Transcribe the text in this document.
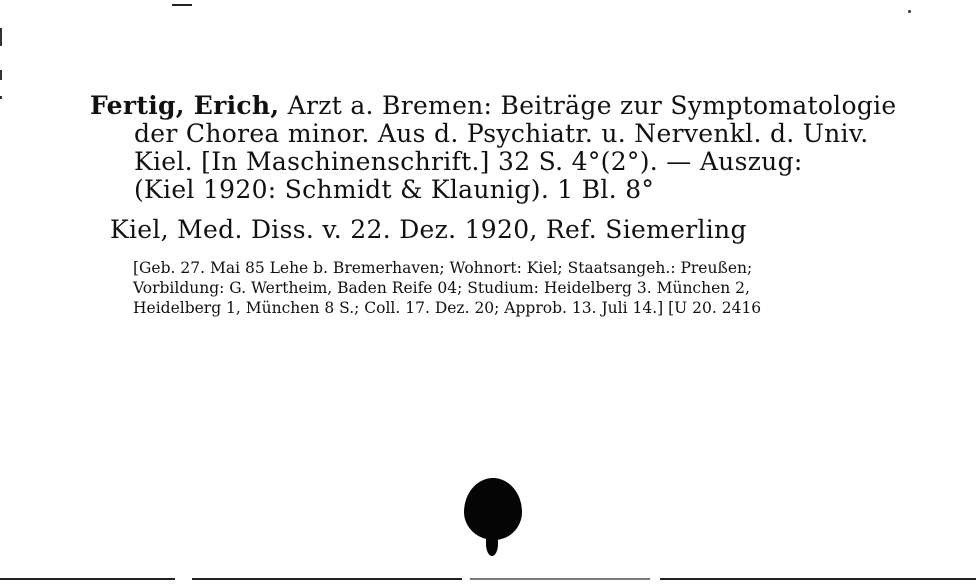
Fertig, Erich, Arzt a. Bremen: Beiträge zur Symptomatologie
der Chorea minor. Aus d. Psychiatr. u. Nervenkl. d. Univ.
Kiel. [In Maschinenschrift.] 32 S. 4°(2°). — Auszug:
(Kiel 1920: Schmidt & Klaunig). 1 Bl. 8°
Kiel, Med. Diss. v. 22. Dez. 1920, Ref. Siemerling
[Geb. 27. Mai 85 Lehe b. Bremerhaven; Wohnort: Kiel; Staatsangeh.: Preußen;
Vorbildung: G. Wertheim, Baden Reife 04; Studium: Heidelberg 3. München 2,
Heidelberg 1, München 8 S.; Coll. 17. Dez. 20; Approb. 13. Juli 14.] [U 20. 2416
